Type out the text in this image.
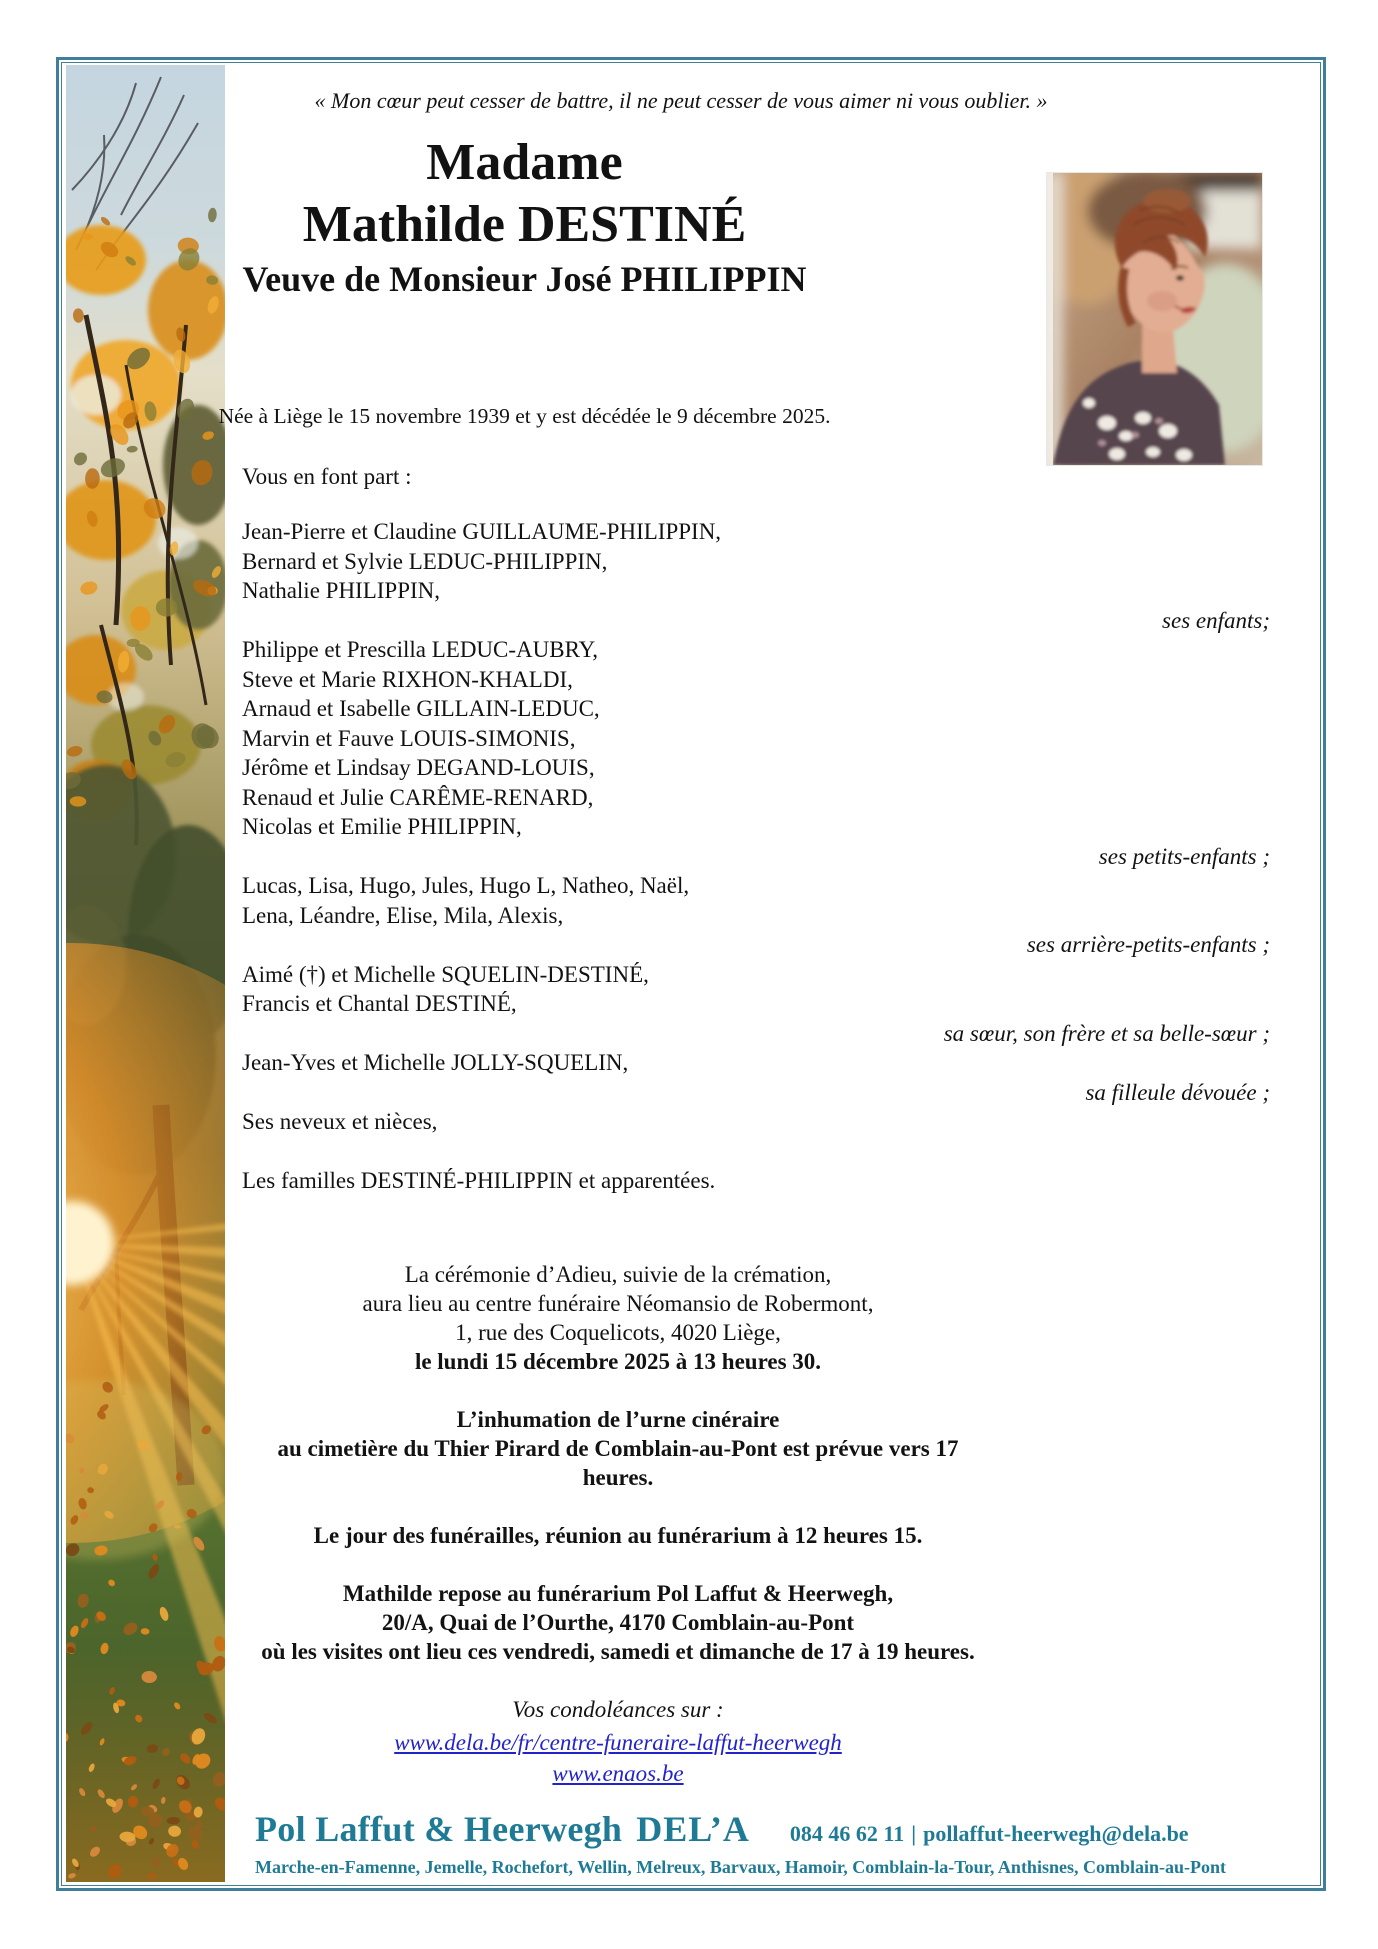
« Mon cœur peut cesser de battre, il ne peut cesser de vous aimer ni vous oublier. »
Madame
Mathilde DESTINÉ
Veuve de Monsieur José PHILIPPIN
Née à Liège le 15 novembre 1939 et y est décédée le 9 décembre 2025.

Vous en font part :

Jean-Pierre et Claudine GUILLAUME-PHILIPPIN,
Bernard et Sylvie LEDUC-PHILIPPIN,
Nathalie PHILIPPIN,
ses enfants;
Philippe et Prescilla LEDUC-AUBRY,
Steve et Marie RIXHON-KHALDI,
Arnaud et Isabelle GILLAIN-LEDUC,
Marvin et Fauve LOUIS-SIMONIS,
Jérôme et Lindsay DEGAND-LOUIS,
Renaud et Julie CARÊME-RENARD,
Nicolas et Emilie PHILIPPIN,
ses petits-enfants ;
Lucas, Lisa, Hugo, Jules, Hugo L, Natheo, Naël,
Lena, Léandre, Elise, Mila, Alexis,
ses arrière-petits-enfants ;
Aimé (†) et Michelle SQUELIN-DESTINÉ,
Francis et Chantal DESTINÉ,
sa sœur, son frère et sa belle-sœur ;
Jean-Yves et Michelle JOLLY-SQUELIN,
sa filleule dévouée ;
Ses neveux et nièces,
Les familles DESTINÉ-PHILIPPIN et apparentées.

La cérémonie d’Adieu, suivie de la crémation,
aura lieu au centre funéraire Néomansio de Robermont,
1, rue des Coquelicots, 4020 Liège,
le lundi 15 décembre 2025 à 13 heures 30.

L’inhumation de l’urne cinéraire
au cimetière du Thier Pirard de Comblain-au-Pont est prévue vers 17 heures.

Le jour des funérailles, réunion au funérarium à 12 heures 15.

Mathilde repose au funérarium Pol Laffut & Heerwegh,
20/A, Quai de l’Ourthe, 4170 Comblain-au-Pont
où les visites ont lieu ces vendredi, samedi et dimanche de 17 à 19 heures.

Vos condoléances sur :

www.dela.be/fr/centre-funeraire-laffut-heerwegh
www.enaos.be
Pol Laffut & Heerwegh DEL’A 084 46 62 11 | pollaffut-heerwegh@dela.be
Marche-en-Famenne, Jemelle, Rochefort, Wellin, Melreux, Barvaux, Hamoir, Comblain-la-Tour, Anthisnes, Comblain-au-Pont
